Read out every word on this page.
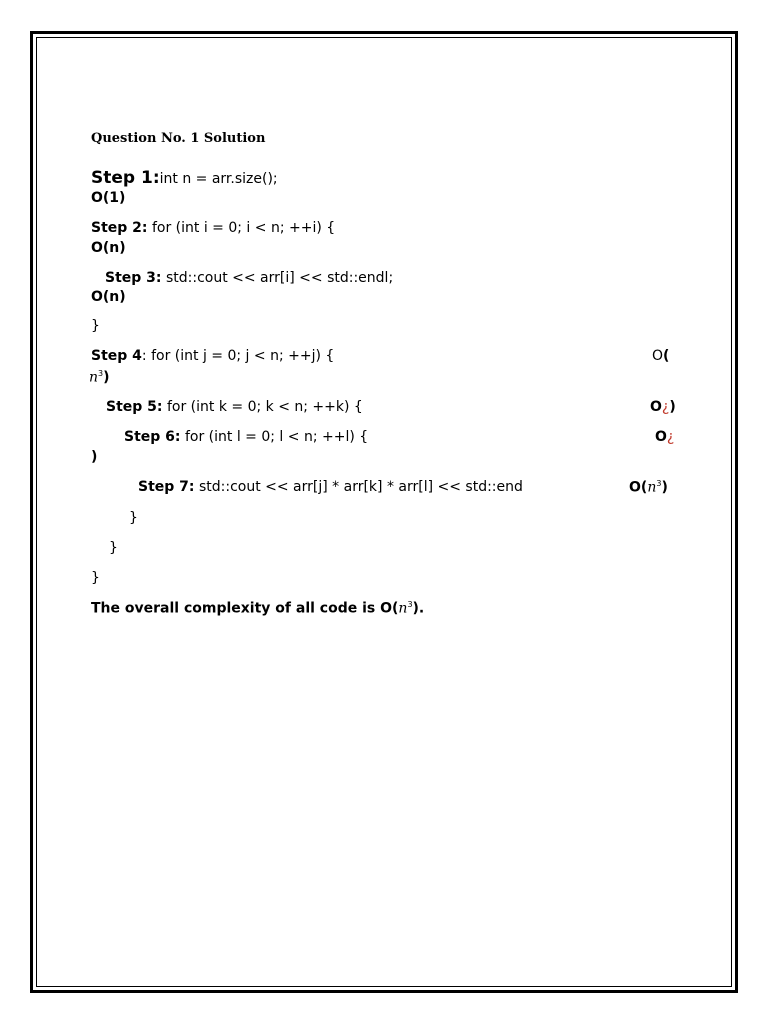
Question No. 1 Solution
Step 1:int n = arr.size();
O(1)
Step 2: for (int i = 0; i < n; ++i) {
O(n)
Step 3: std::cout << arr[i] << std::endl;
O(n)
}
Step 4: for (int j = 0; j < n; ++j) {	O(
$n^3$)
Step 5: for (int k = 0; k < n; ++k) {	O¿)
Step 6: for (int l = 0; l < n; ++l) {	O¿
)
Step 7: std::cout << arr[j] * arr[k] * arr[l] << std::end	$O(n^3)$
}
}
}
The overall complexity of all code is $O(n^3)$.
